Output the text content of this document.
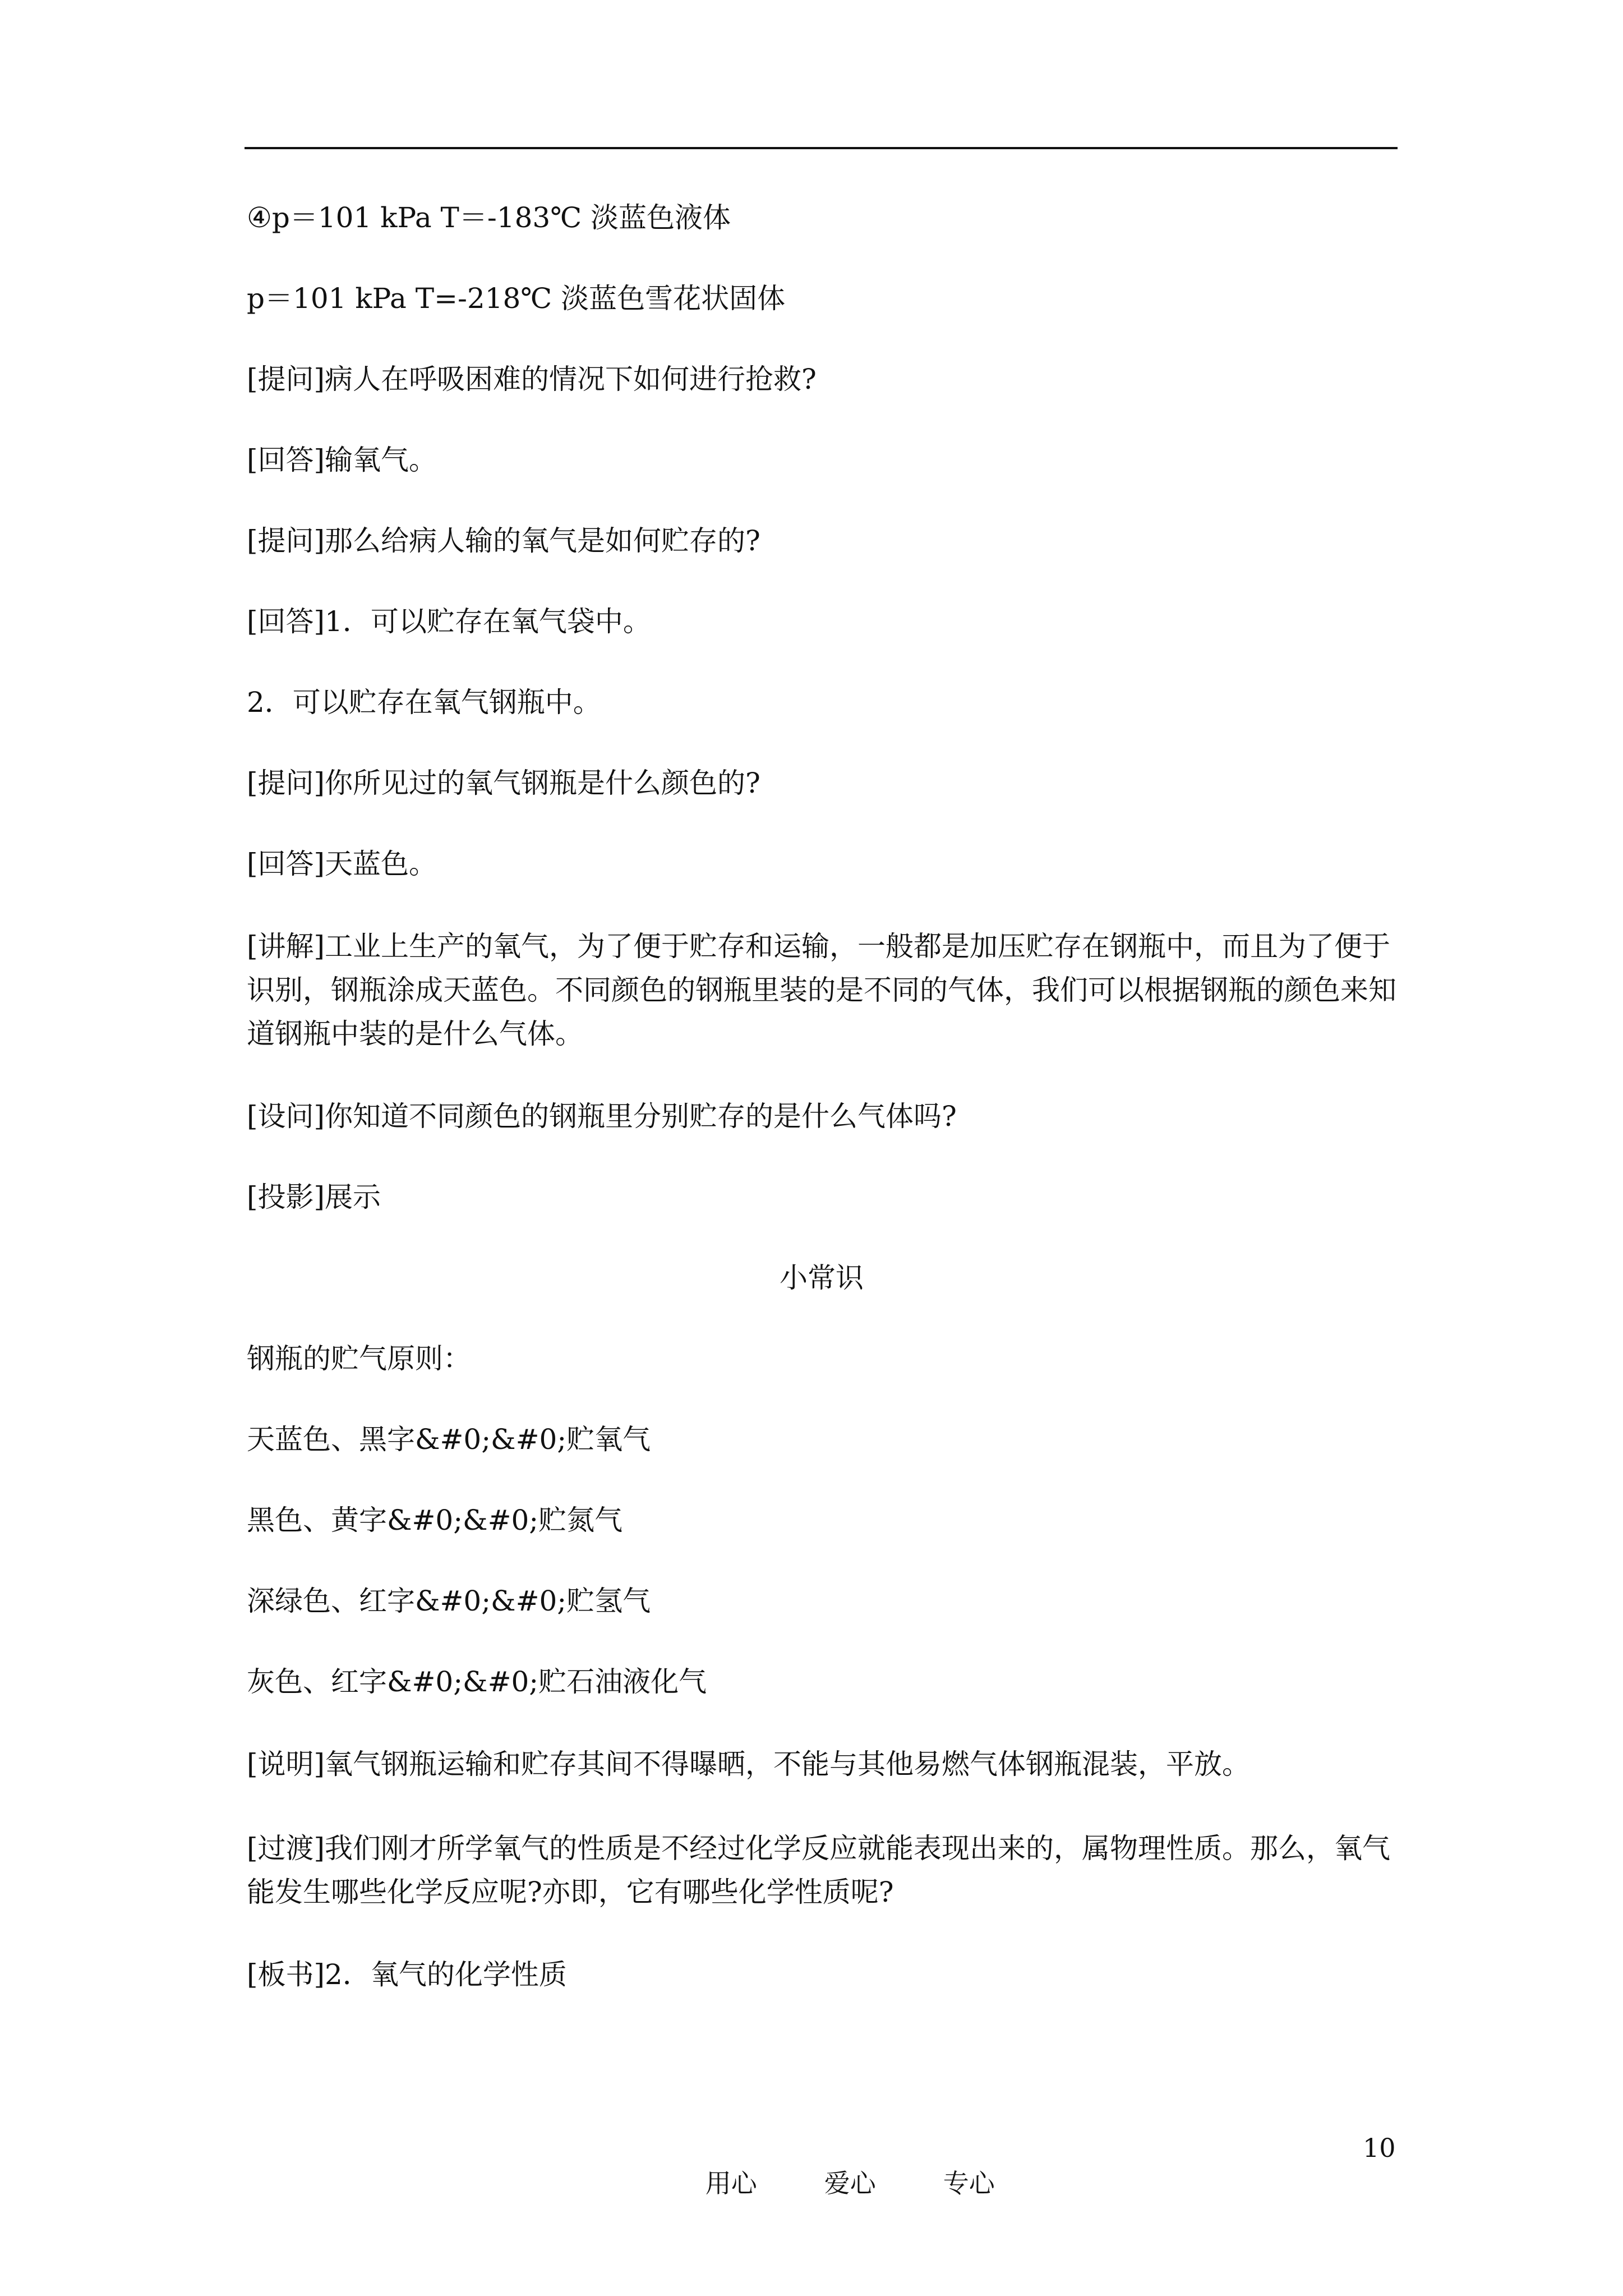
④p＝101 kPa T＝-183℃ 淡蓝色液体

p＝101 kPa T=-218℃ 淡蓝色雪花状固体

[提问]病人在呼吸困难的情况下如何进行抢救?

[回答]输氧气。

[提问]那么给病人输的氧气是如何贮存的?

[回答]1．可以贮存在氧气袋中。

2．可以贮存在氧气钢瓶中。

[提问]你所见过的氧气钢瓶是什么颜色的?

[回答]天蓝色。

[讲解]工业上生产的氧气，为了便于贮存和运输，一般都是加压贮存在钢瓶中，而且为了便于识别，钢瓶涂成天蓝色。不同颜色的钢瓶里装的是不同的气体，我们可以根据钢瓶的颜色来知道钢瓶中装的是什么气体。

[设问]你知道不同颜色的钢瓶里分别贮存的是什么气体吗?

[投影]展示

小常识

钢瓶的贮气原则：

天蓝色、黑字&#0;&#0;贮氧气

黑色、黄字&#0;&#0;贮氮气

深绿色、红字&#0;&#0;贮氢气

灰色、红字&#0;&#0;贮石油液化气

[说明]氧气钢瓶运输和贮存其间不得曝晒，不能与其他易燃气体钢瓶混装，平放。

[过渡]我们刚才所学氧气的性质是不经过化学反应就能表现出来的，属物理性质。那么，氧气能发生哪些化学反应呢?亦即，它有哪些化学性质呢?

[板书]2．氧气的化学性质

用心	爱心	专心

10
